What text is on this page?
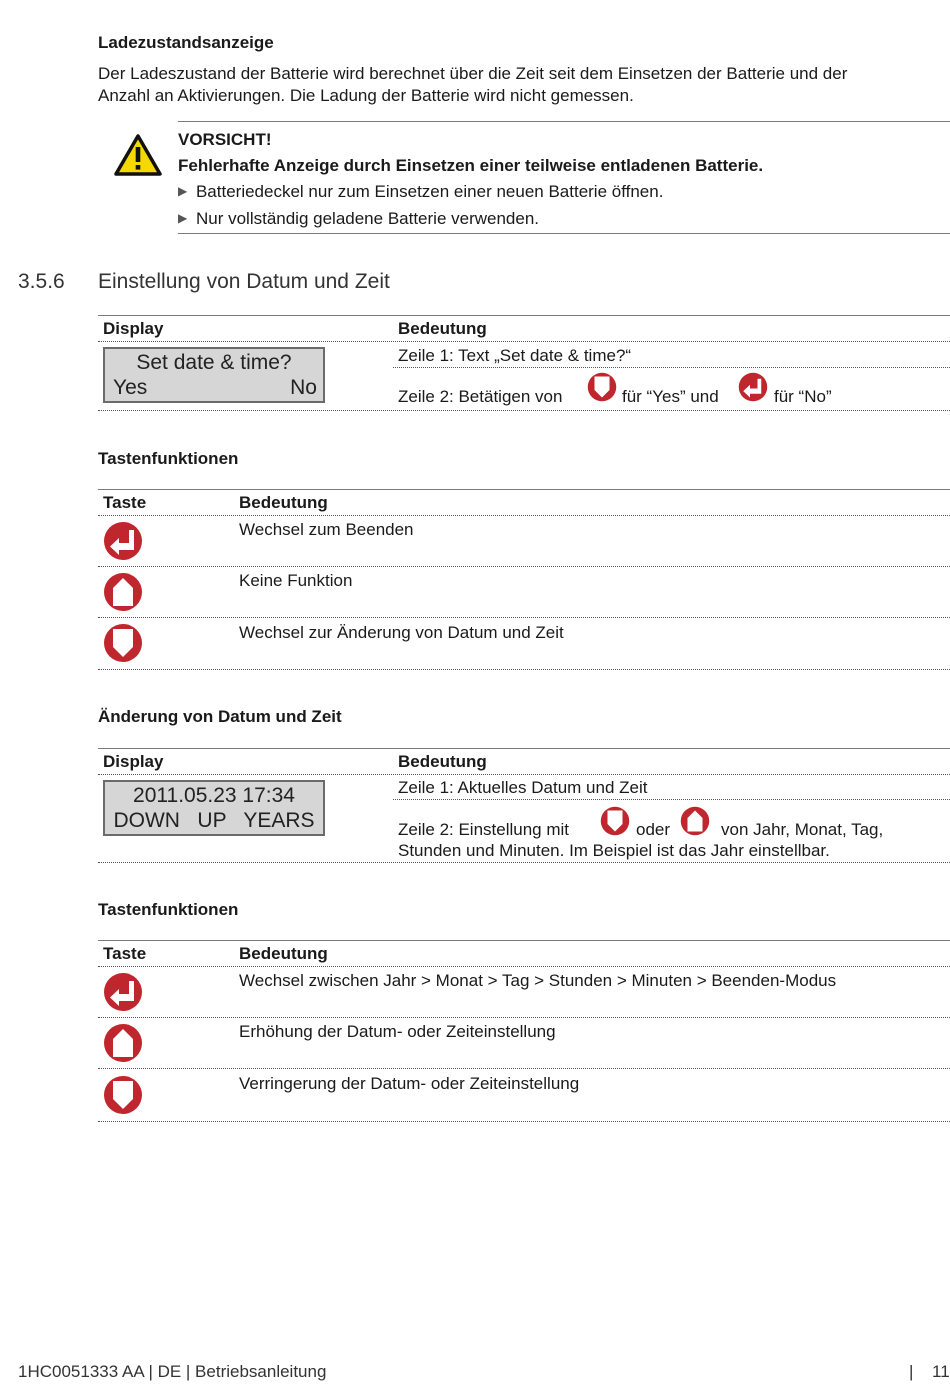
Ladezustandsanzeige
Der Ladeszustand der Batterie wird berechnet über die Zeit seit dem Einsetzen der Batterie und der
Anzahl an Aktivierungen. Die Ladung der Batterie wird nicht gemessen.
VORSICHT!
Fehlerhafte Anzeige durch Einsetzen einer teilweise entladenen Batterie.
▶ Batteriedeckel nur zum Einsetzen einer neuen Batterie öffnen.
▶ Nur vollständig geladene Batterie verwenden.
3.5.6 Einstellung von Datum und Zeit
Display	Bedeutung
Set date & time?
Yes	No
Zeile 1: Text „Set date & time?“
Zeile 2: Betätigen von	für “Yes” und	für “No”
Tastenfunktionen
Taste	Bedeutung
Wechsel zum Beenden
Keine Funktion
Wechsel zur Änderung von Datum und Zeit
Änderung von Datum und Zeit
Display	Bedeutung
2011.05.23 17:34
DOWN   UP   YEARS
Zeile 1: Aktuelles Datum und Zeit
Zeile 2: Einstellung mit	oder	von Jahr, Monat, Tag,
Stunden und Minuten. Im Beispiel ist das Jahr einstellbar.
Tastenfunktionen
Taste	Bedeutung
Wechsel zwischen Jahr > Monat > Tag > Stunden > Minuten > Beenden-Modus
Erhöhung der Datum- oder Zeiteinstellung
Verringerung der Datum- oder Zeiteinstellung
1HC0051333 AA | DE | Betriebsanleitung	| 11
